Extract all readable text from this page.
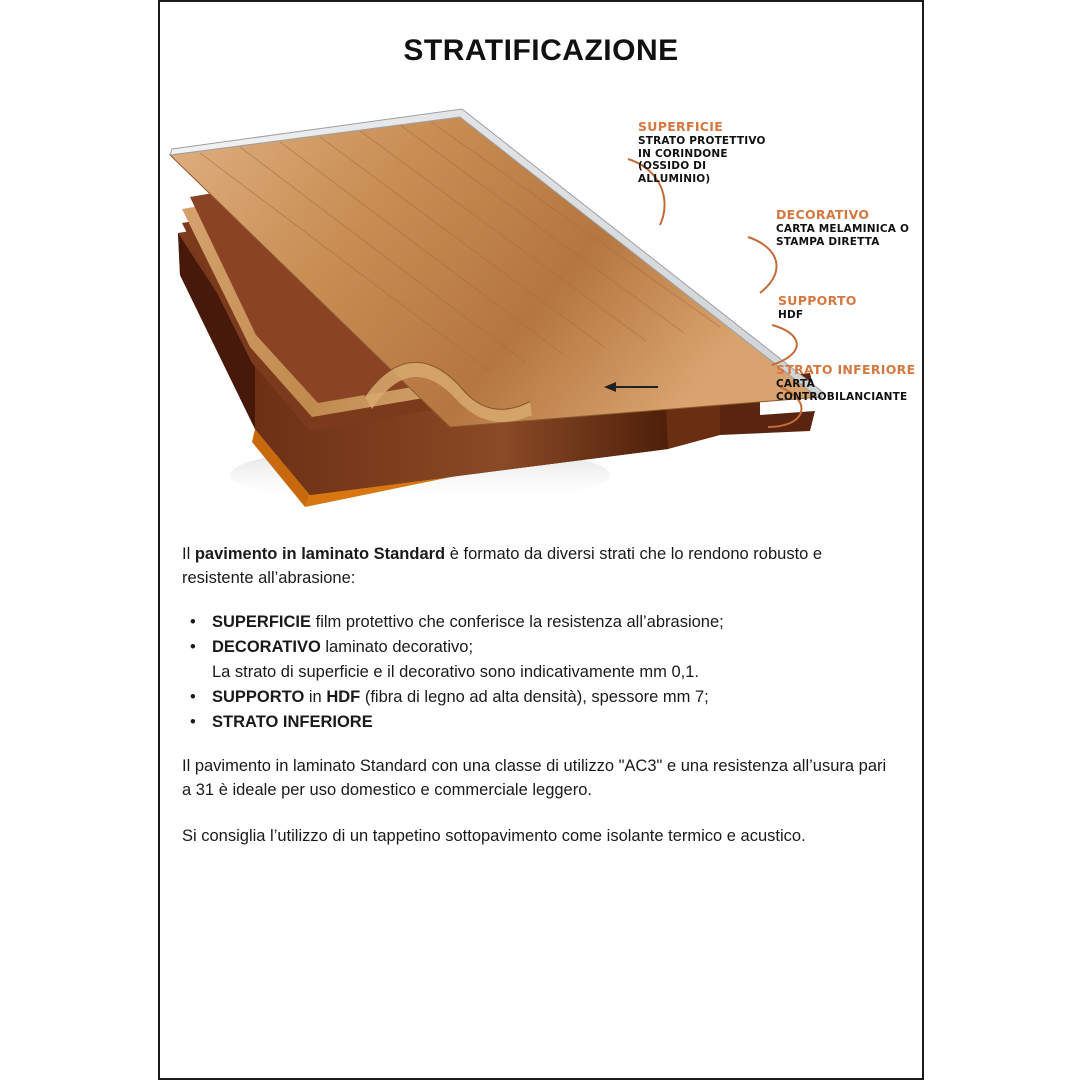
STRATIFICAZIONE
SUPERFICIE
STRATO PROTETTIVO IN CORINDONE (OSSIDO DI ALLUMINIO)
DECORATIVO
CARTA MELAMINICA O STAMPA DIRETTA
SUPPORTO
HDF
STRATO INFERIORE
CARTA CONTROBILANCIANTE

Il pavimento in laminato Standard è formato da diversi strati che lo rendono robusto e resistente all’abrasione:

• SUPERFICIE film protettivo che conferisce la resistenza all’abrasione;
• DECORATIVO laminato decorativo;
La strato di superficie e il decorativo sono indicativamente mm 0,1.
• SUPPORTO in HDF (fibra di legno ad alta densità), spessore mm 7;
• STRATO INFERIORE

Il pavimento in laminato Standard con una classe di utilizzo "AC3" e una resistenza all’usura pari a 31 è ideale per uso domestico e commerciale leggero.

Si consiglia l’utilizzo di un tappetino sottopavimento come isolante termico e acustico.
